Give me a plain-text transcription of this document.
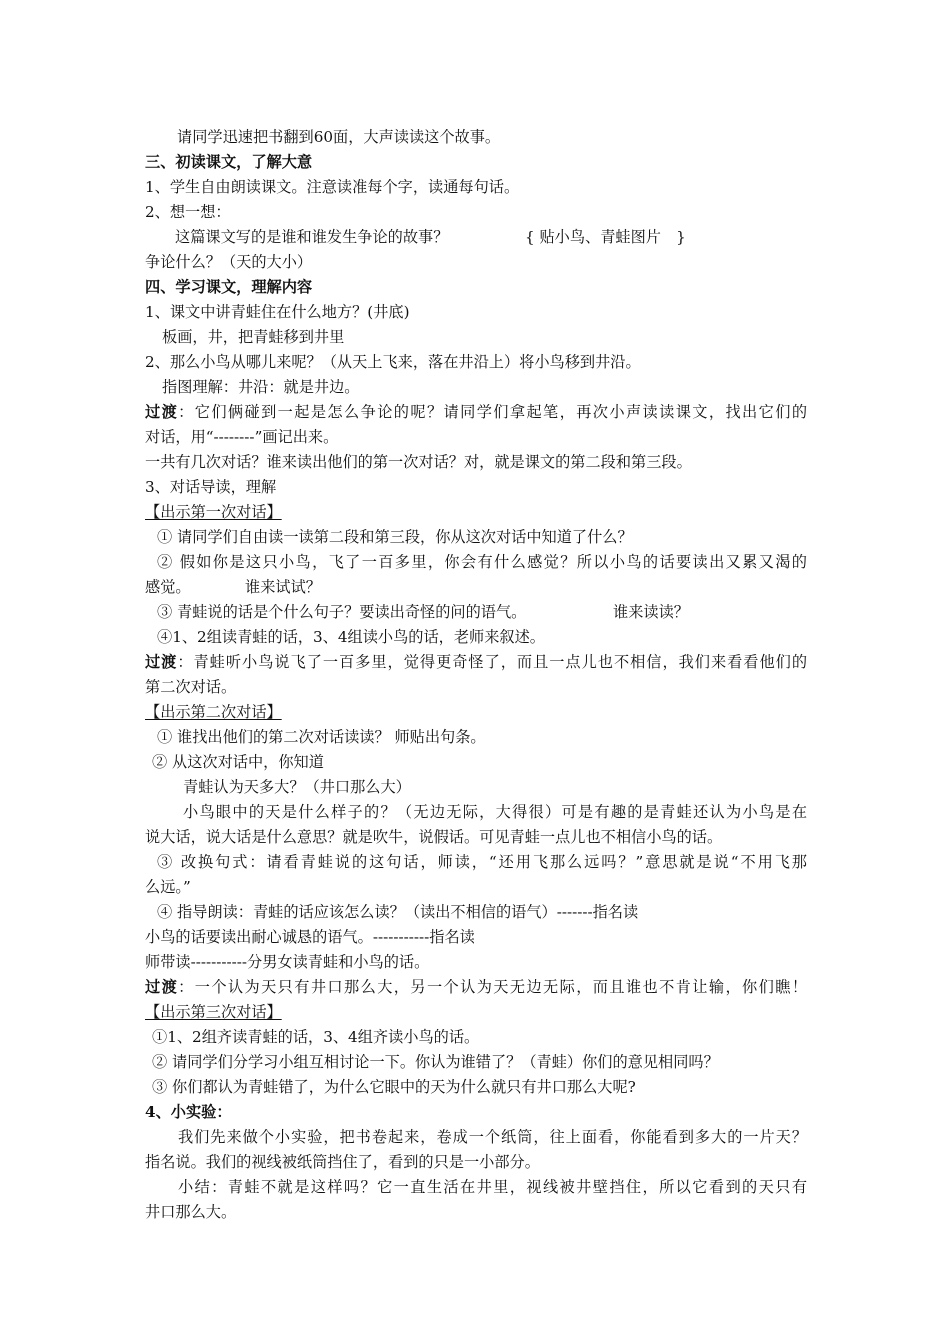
请同学迅速把书翻到60面，大声读读这个故事。
三、初读课文，了解大意
1、学生自由朗读课文。注意读准每个字，读通每句话。
2、想一想：
这篇课文写的是谁和谁发生争论的故事？	{ 贴小鸟、青蛙图片　}
争论什么？（天的大小）
四、学习课文，理解内容
1、课文中讲青蛙住在什么地方？(井底)
板画，井，把青蛙移到井里
2、那么小鸟从哪儿来呢？（从天上飞来，落在井沿上）将小鸟移到井沿。
指图理解：井沿：就是井边。
过渡：它们俩碰到一起是怎么争论的呢？请同学们拿起笔，再次小声读读课文，找出它们的
对话，用“--------”画记出来。
一共有几次对话？谁来读出他们的第一次对话？对，就是课文的第二段和第三段。
3、对话导读，理解
【出示第一次对话】
① 请同学们自由读一读第二段和第三段，你从这次对话中知道了什么？
② 假如你是这只小鸟，飞了一百多里，你会有什么感觉？所以小鸟的话要读出又累又渴的
感觉。	谁来试试？
③ 青蛙说的话是个什么句子？要读出奇怪的问的语气。	谁来读读？
④1、2组读青蛙的话，3、4组读小鸟的话，老师来叙述。
过渡：青蛙听小鸟说飞了一百多里，觉得更奇怪了，而且一点儿也不相信，我们来看看他们的
第二次对话。
【出示第二次对话】
① 谁找出他们的第二次对话读读？ 师贴出句条。
② 从这次对话中，你知道
青蛙认为天多大？（井口那么大）
小鸟眼中的天是什么样子的？（无边无际，大得很）可是有趣的是青蛙还认为小鸟是在
说大话，说大话是什么意思？就是吹牛，说假话。可见青蛙一点儿也不相信小鸟的话。
③ 改换句式：请看青蛙说的这句话，师读，“还用飞那么远吗？”意思就是说“不用飞那
么远。”
④ 指导朗读：青蛙的话应该怎么读？（读出不相信的语气）-------指名读
小鸟的话要读出耐心诚恳的语气。-----------指名读
师带读-----------分男女读青蛙和小鸟的话。
过渡：一个认为天只有井口那么大，另一个认为天无边无际，而且谁也不肯让输，你们瞧！
【出示第三次对话】
①1、2组齐读青蛙的话，3、4组齐读小鸟的话。
② 请同学们分学习小组互相讨论一下。你认为谁错了？（青蛙）你们的意见相同吗？
③ 你们都认为青蛙错了，为什么它眼中的天为什么就只有井口那么大呢?
4、小实验：
我们先来做个小实验，把书卷起来，卷成一个纸筒，往上面看，你能看到多大的一片天？
指名说。我们的视线被纸筒挡住了，看到的只是一小部分。
小结：青蛙不就是这样吗？它一直生活在井里，视线被井壁挡住，所以它看到的天只有
井口那么大。
